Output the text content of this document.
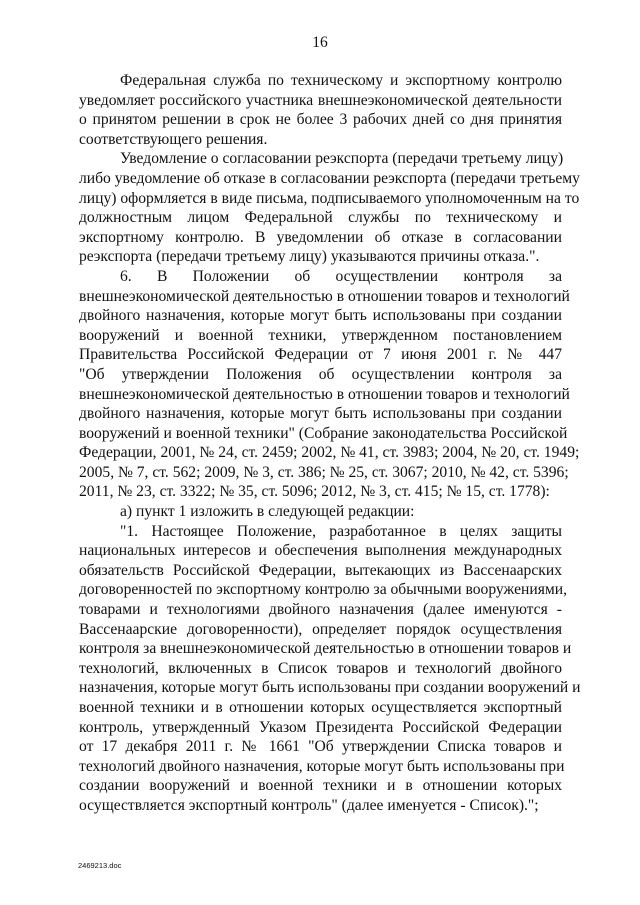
16
Федеральная служба по техническому и экспортному контролю
уведомляет российского участника внешнеэкономической деятельности
о принятом решении в срок не более 3 рабочих дней со дня принятия
соответствующего решения.
Уведомление о согласовании реэкспорта (передачи третьему лицу)
либо уведомление об отказе в согласовании реэкспорта (передачи третьему
лицу) оформляется в виде письма, подписываемого уполномоченным на то
должностным лицом Федеральной службы по техническому и
экспортному контролю. В уведомлении об отказе в согласовании
реэкспорта (передачи третьему лицу) указываются причины отказа.".
6. В Положении об осуществлении контроля за
внешнеэкономической деятельностью в отношении товаров и технологий
двойного назначения, которые могут быть использованы при создании
вооружений и военной техники, утвержденном постановлением
Правительства Российской Федерации от 7 июня 2001 г. № 447
"Об утверждении Положения об осуществлении контроля за
внешнеэкономической деятельностью в отношении товаров и технологий
двойного назначения, которые могут быть использованы при создании
вооружений и военной техники" (Собрание законодательства Российской
Федерации, 2001, № 24, ст. 2459; 2002, № 41, ст. 3983; 2004, № 20, ст. 1949;
2005, № 7, ст. 562; 2009, № 3, ст. 386; № 25, ст. 3067; 2010, № 42, ст. 5396;
2011, № 23, ст. 3322; № 35, ст. 5096; 2012, № 3, ст. 415; № 15, ст. 1778):
а) пункт 1 изложить в следующей редакции:
"1. Настоящее Положение, разработанное в целях защиты
национальных интересов и обеспечения выполнения международных
обязательств Российской Федерации, вытекающих из Вассенаарских
договоренностей по экспортному контролю за обычными вооружениями,
товарами и технологиями двойного назначения (далее именуются -
Вассенаарские договоренности), определяет порядок осуществления
контроля за внешнеэкономической деятельностью в отношении товаров и
технологий, включенных в Список товаров и технологий двойного
назначения, которые могут быть использованы при создании вооружений и
военной техники и в отношении которых осуществляется экспортный
контроль, утвержденный Указом Президента Российской Федерации
от 17 декабря 2011 г. № 1661 "Об утверждении Списка товаров и
технологий двойного назначения, которые могут быть использованы при
создании вооружений и военной техники и в отношении которых
осуществляется экспортный контроль" (далее именуется - Список).";
2469213.doc
